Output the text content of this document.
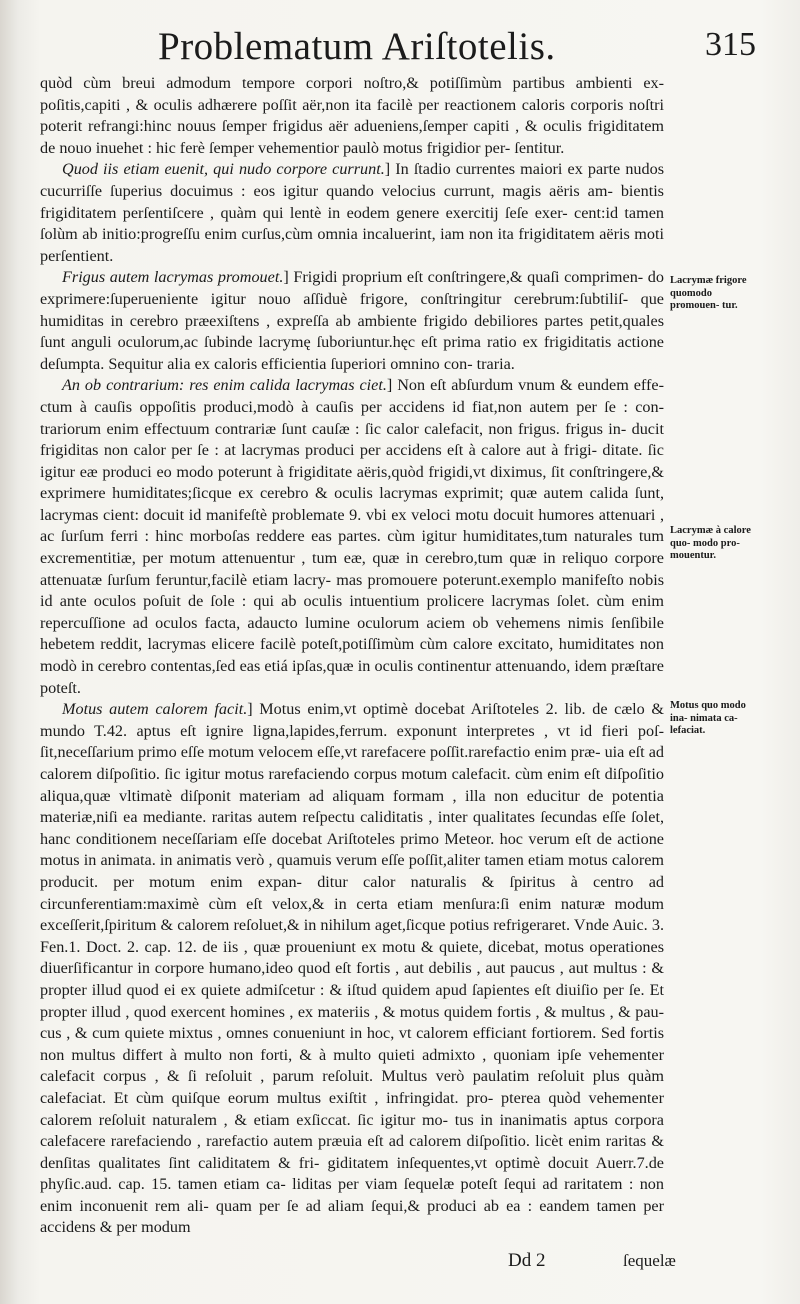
Problematum Ariſtotelis.	315

quòd cùm breui admodum tempore corpori noſtro,& potiſſimùm partibus ambienti ex- poſitis,capiti , & oculis adhærere poſſit aër,non ita facilè per reactionem caloris corporis noſtri poterit refrangi:hinc nouus ſemper frigidus aër adueniens,ſemper capiti , & oculis frigiditatem de nouo inuehet : hic ferè ſemper vehementior paulò motus frigidior per- ſentitur.

Quod iis etiam euenit, qui nudo corpore currunt.] In ſtadio currentes maiori ex parte nudos cucurriſſe ſuperius docuimus : eos igitur quando velocius currunt, magis aëris am- bientis frigiditatem perſentiſcere , quàm qui lentè in eodem genere exercitij ſeſe exer- cent:id tamen ſolùm ab initio:progreſſu enim curſus,cùm omnia incaluerint, iam non ita frigiditatem aëris moti perſentient.

Frigus autem lacrymas promouet.] Frigidi proprium eſt conſtringere,& quaſi comprimen- do exprimere:ſuperueniente igitur nouo aſſiduè frigore, conſtringitur cerebrum:ſubtiliſ- que humiditas in cerebro præexiſtens , expreſſa ab ambiente frigido debiliores partes petit,quales ſunt anguli oculorum,ac ſubinde lacrymę ſuboriuntur.hęc eſt prima ratio ex frigiditatis actione deſumpta. Sequitur alia ex caloris efficientia ſuperiori omnino con- traria.

An ob contrarium: res enim calida lacrymas ciet.] Non eſt abſurdum vnum & eundem effe- ctum à cauſis oppoſitis produci,modò à cauſis per accidens id fiat,non autem per ſe : con- trariorum enim effectuum contrariæ ſunt cauſæ : ſic calor calefacit, non frigus. frigus in- ducit frigiditas non calor per ſe : at lacrymas produci per accidens eſt à calore aut à frigi- ditate. ſic igitur eæ produci eo modo poterunt à frigiditate aëris,quòd frigidi,vt diximus, ſit conſtringere,& exprimere humiditates;ſicque ex cerebro & oculis lacrymas exprimit; quæ autem calida ſunt, lacrymas cient: docuit id manifeſtè problemate 9. vbi ex veloci motu docuit humores attenuari , ac ſurſum ferri : hinc morboſas reddere eas partes. cùm igitur humiditates,tum naturales tum excrementitiæ, per motum attenuentur , tum eæ, quæ in cerebro,tum quæ in reliquo corpore attenuatæ ſurſum feruntur,facilè etiam lacry- mas promouere poterunt.exemplo manifeſto nobis id ante oculos poſuit de ſole : qui ab oculis intuentium prolicere lacrymas ſolet. cùm enim repercuſſione ad oculos facta, adaucto lumine oculorum aciem ob vehemens nimis ſenſibile hebetem reddit, lacrymas elicere facilè poteſt,potiſſimùm cùm calore excitato, humiditates non modò in cerebro contentas,ſed eas etiá ipſas,quæ in oculis continentur attenuando, idem præſtare poteſt.

Motus autem calorem facit.] Motus enim,vt optimè docebat Ariſtoteles 2. lib. de cælo & mundo T.42. aptus eſt ignire ligna,lapides,ferrum. exponunt interpretes , vt id fieri poſ- ſit,neceſſarium primo eſſe motum velocem eſſe,vt rarefacere poſſit.rarefactio enim præ- uia eſt ad calorem diſpoſitio. ſic igitur motus rarefaciendo corpus motum calefacit. cùm enim eſt diſpoſitio aliqua,quæ vltimatè diſponit materiam ad aliquam formam , illa non educitur de potentia materiæ,niſi ea mediante. raritas autem reſpectu caliditatis , inter qualitates ſecundas eſſe ſolet, hanc conditionem neceſſariam eſſe docebat Ariſtoteles primo Meteor. hoc verum eſt de actione motus in animata. in animatis verò , quamuis verum eſſe poſſit,aliter tamen etiam motus calorem producit. per motum enim expan- ditur calor naturalis & ſpiritus à centro ad circunferentiam:maximè cùm eſt velox,& in certa etiam menſura:ſi enim naturæ modum exceſſerit,ſpiritum & calorem reſoluet,& in nihilum aget,ſicque potius refrigeraret. Vnde Auic. 3. Fen.1. Doct. 2. cap. 12. de iis , quæ proueniunt ex motu & quiete, dicebat, motus operationes diuerſificantur in corpore humano,ideo quod eſt fortis , aut debilis , aut paucus , aut multus : & propter illud quod ei ex quiete admiſcetur : & iſtud quidem apud ſapientes eſt diuiſio per ſe. Et propter illud , quod exercent homines , ex materiis , & motus quidem fortis , & multus , & pau- cus , & cum quiete mixtus , omnes conueniunt in hoc, vt calorem efficiant fortiorem. Sed fortis non multus differt à multo non forti, & à multo quieti admixto , quoniam ipſe vehementer calefacit corpus , & ſi reſoluit , parum reſoluit. Multus verò paulatim reſoluit plus quàm calefaciat. Et cùm quiſque eorum multus exiſtit , infringidat. pro- pterea quòd vehementer calorem reſoluit naturalem , & etiam exſiccat. ſic igitur mo- tus in inanimatis aptus corpora calefacere rarefaciendo , rarefactio autem præuia eſt ad calorem diſpoſitio. licèt enim raritas & denſitas qualitates ſint caliditatem & fri- giditatem inſequentes,vt optimè docuit Auerr.7.de phyſic.aud. cap. 15. tamen etiam ca- liditas per viam ſequelæ poteſt ſequi ad raritatem : non enim inconuenit rem ali- quam per ſe ad aliam ſequi,& produci ab ea : eandem tamen per accidens & per modum

Lacrymæ frigore quomodo promouen- tur.
Lacrymæ à calore quo- modo pro- mouentur.
Motus quo modo ina- nimata ca- lefaciat.
Dd 2	ſequelæ
